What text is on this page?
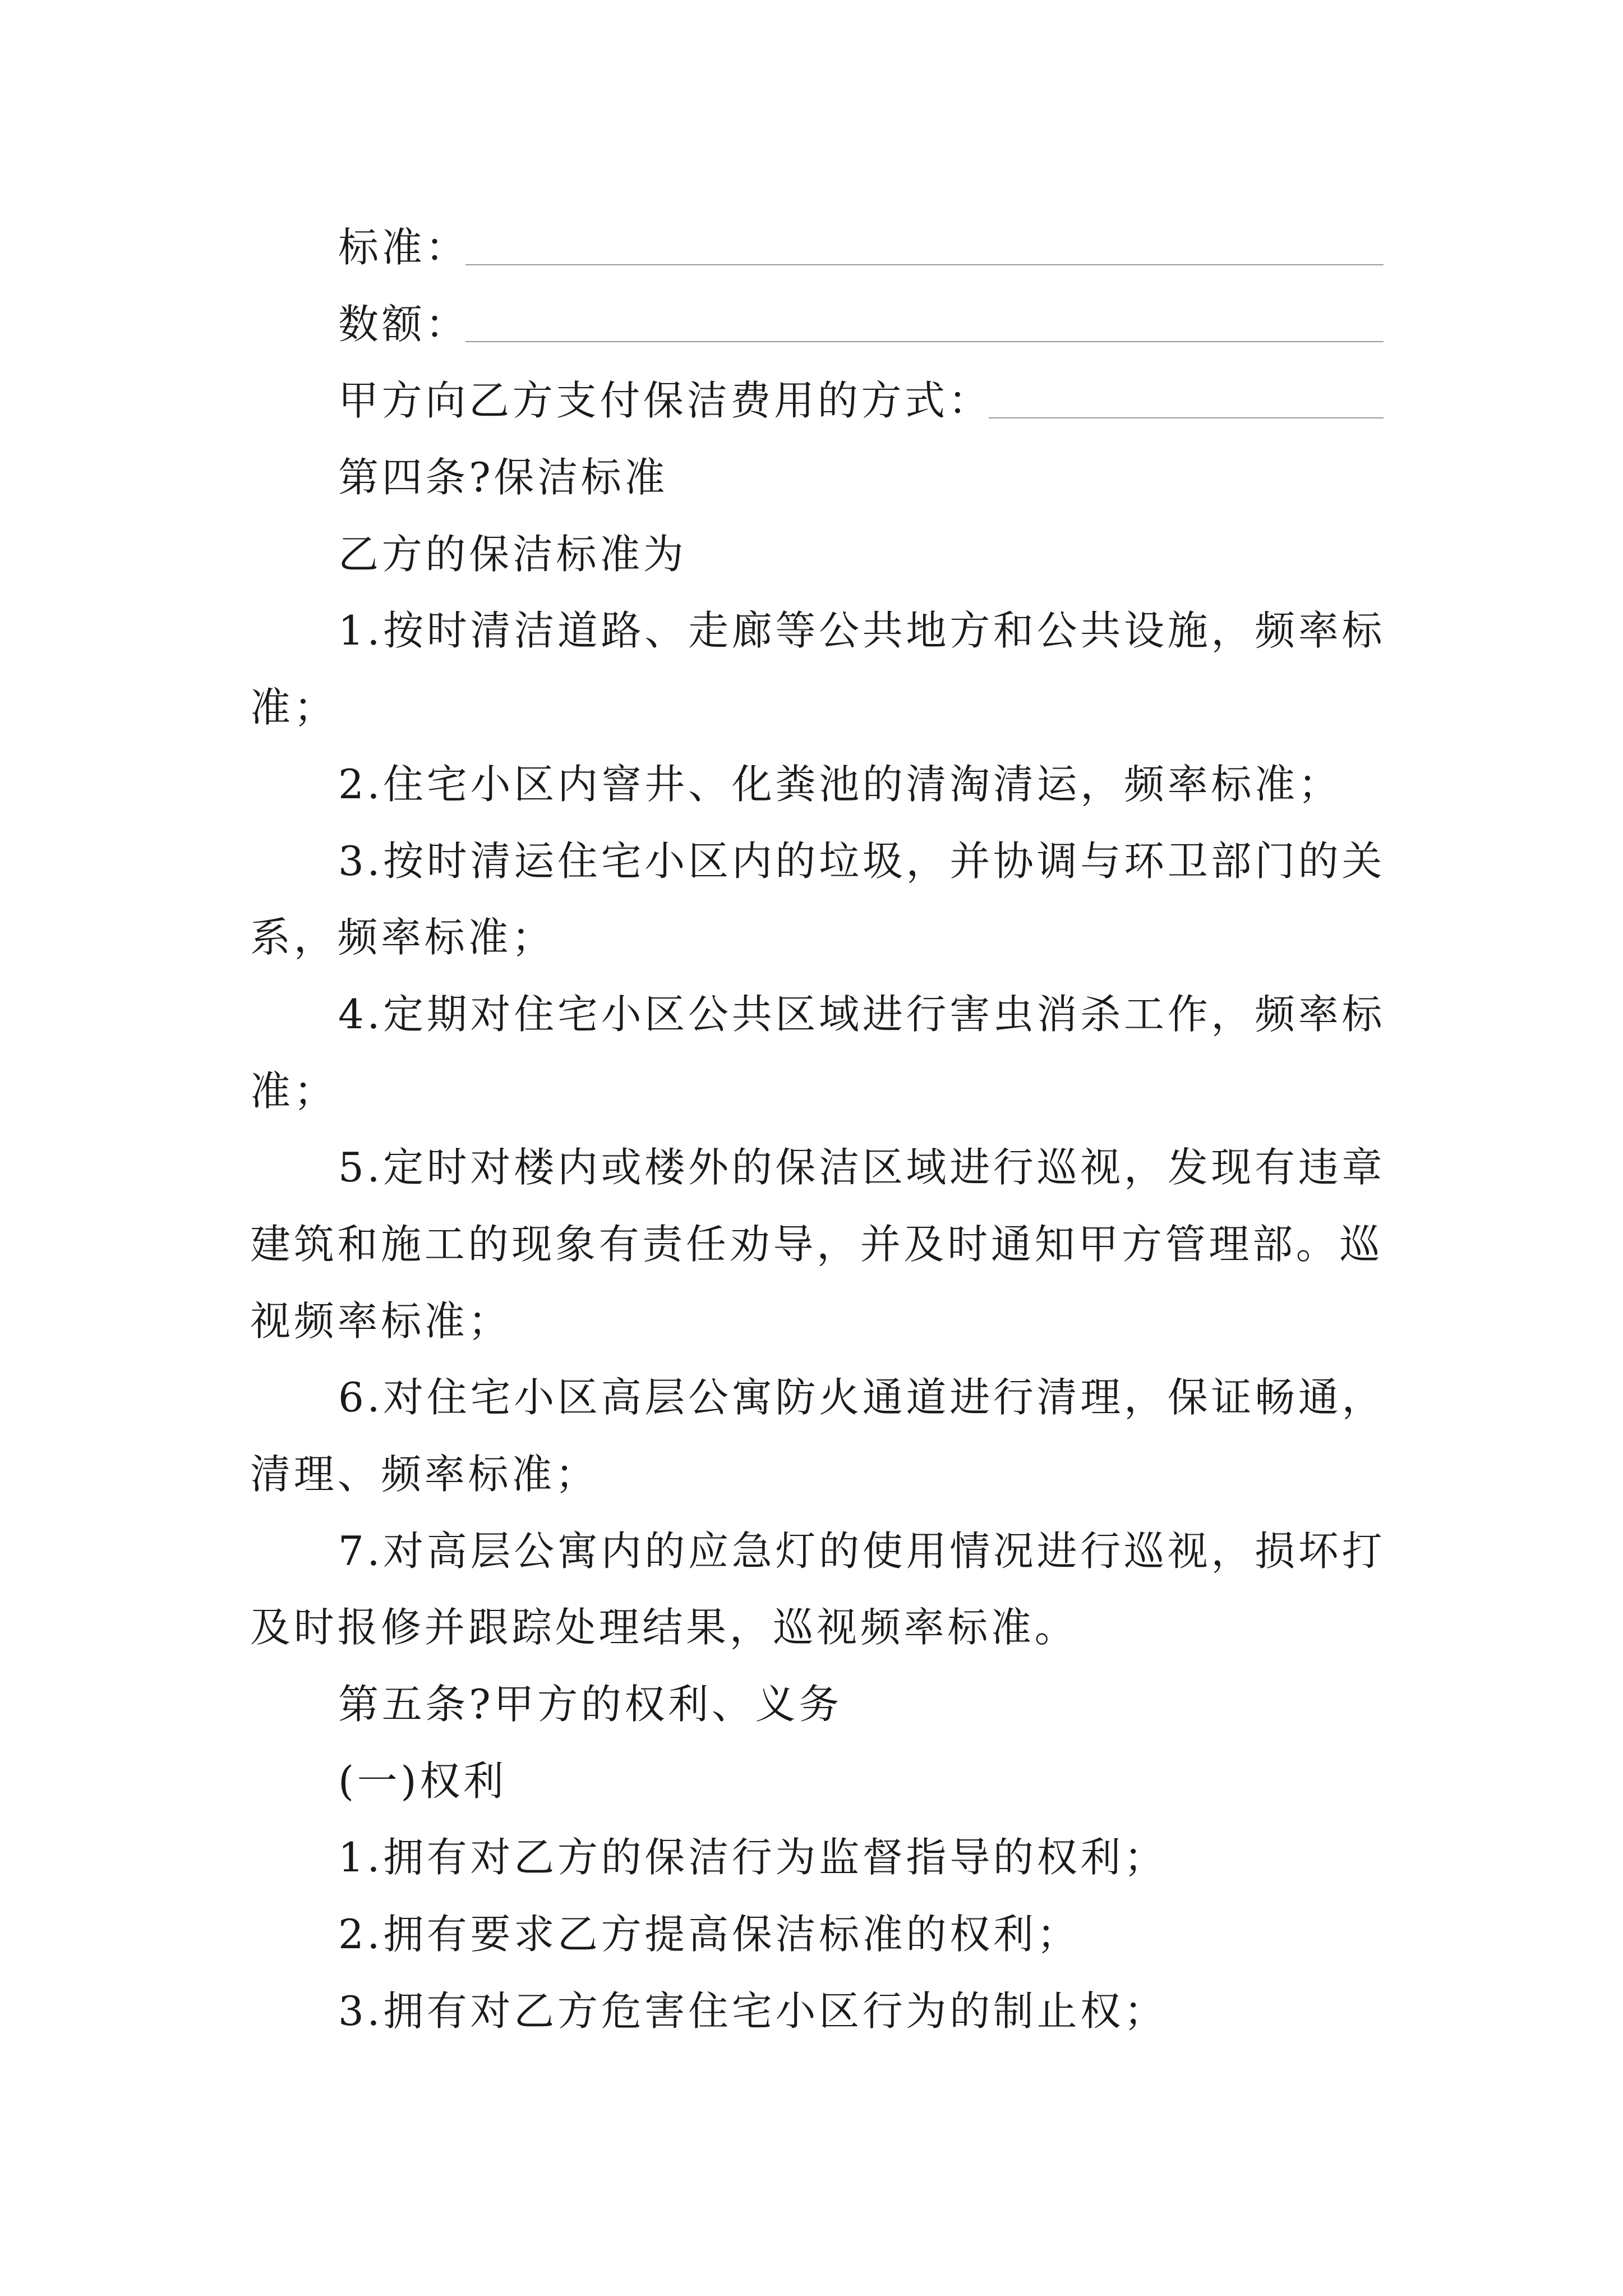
标准：
数额：
甲方向乙方支付保洁费用的方式：
第四条?保洁标准
乙方的保洁标准为
1.按时清洁道路、走廊等公共地方和公共设施，频率标
准；
2.住宅小区内窨井、化粪池的清淘清运，频率标准；
3.按时清运住宅小区内的垃圾，并协调与环卫部门的关
系，频率标准；
4.定期对住宅小区公共区域进行害虫消杀工作，频率标
准；
5.定时对楼内或楼外的保洁区域进行巡视，发现有违章
建筑和施工的现象有责任劝导，并及时通知甲方管理部。巡
视频率标准；
6.对住宅小区高层公寓防火通道进行清理，保证畅通，
清理、频率标准；
7.对高层公寓内的应急灯的使用情况进行巡视，损坏打
及时报修并跟踪处理结果，巡视频率标准。
第五条?甲方的权利、义务
(一)权利
1.拥有对乙方的保洁行为监督指导的权利；
2.拥有要求乙方提高保洁标准的权利；
3.拥有对乙方危害住宅小区行为的制止权；
